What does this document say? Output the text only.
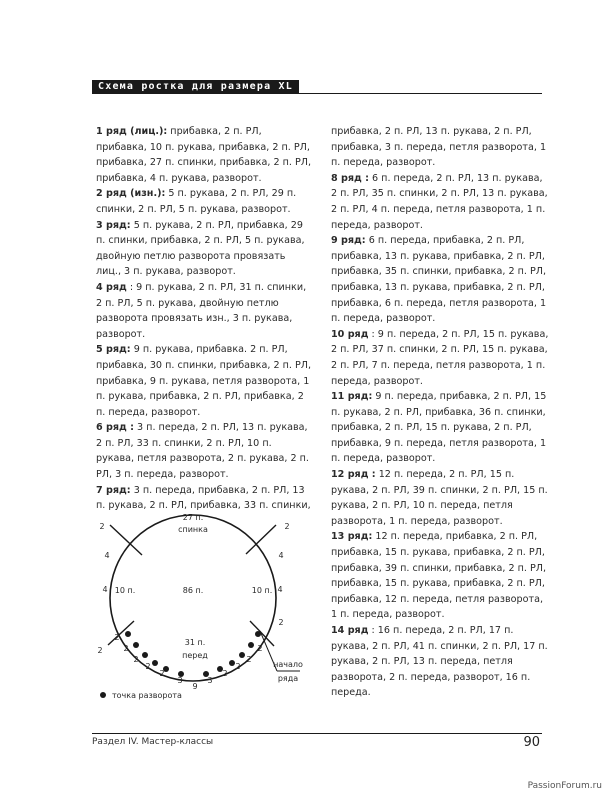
Схема ростка для размера XL
1 ряд (лиц.): прибавка, 2 п. РЛ, прибавка, 10 п. рукава, прибавка, 2 п. РЛ, прибавка, 27 п. спинки, прибавка, 2 п. РЛ, прибавка, 4 п. рукава, разворот.
2 ряд (изн.): 5 п. рукава, 2 п. РЛ, 29 п. спинки, 2 п. РЛ, 5 п. рукава, разворот.
3 ряд: 5 п. рукава, 2 п. РЛ, прибавка, 29 п. спинки, прибавка, 2 п. РЛ, 5 п. рукава, двойную петлю разворота провязать лиц., 3 п. рукава, разворот.
4 ряд : 9 п. рукава, 2 п. РЛ, 31 п. спинки, 2 п. РЛ, 5 п. рукава, двойную петлю разворота провязать изн., 3 п. рукава, разворот.
5 ряд: 9 п. рукава, прибавка. 2 п. РЛ, прибавка, 30 п. спинки, прибавка, 2 п. РЛ, прибавка, 9 п. рукава, петля разворота, 1 п. рукава, прибавка, 2 п. РЛ, прибавка, 2 п. переда, разворот.
6 ряд : 3 п. переда, 2 п. РЛ, 13 п. рукава, 2 п. РЛ, 33 п. спинки, 2 п. РЛ, 10 п. рукава, петля разворота, 2 п. рукава, 2 п. РЛ, 3 п. переда, разворот.
7 ряд: 3 п. переда, прибавка, 2 п. РЛ, 13 п. рукава, 2 п. РЛ, прибавка, 33 п. спинки,
прибавка, 2 п. РЛ, 13 п. рукава, 2 п. РЛ, прибавка, 3 п. переда, петля разворота, 1 п. переда, разворот.
8 ряд : 6 п. переда, 2 п. РЛ, 13 п. рукава, 2 п. РЛ, 35 п. спинки, 2 п. РЛ, 13 п. рукава, 2 п. РЛ, 4 п. переда, петля разворота, 1 п. переда, разворот.
9 ряд: 6 п. переда, прибавка, 2 п. РЛ, прибавка, 13 п. рукава, прибавка, 2 п. РЛ, прибавка, 35 п. спинки, прибавка, 2 п. РЛ, прибавка, 13 п. рукава, прибавка, 2 п. РЛ, прибавка, 6 п. переда, петля разворота, 1 п. переда, разворот.
10 ряд : 9 п. переда, 2 п. РЛ, 15 п. рукава, 2 п. РЛ, 37 п. спинки, 2 п. РЛ, 15 п. рукава, 2 п. РЛ, 7 п. переда, петля разворота, 1 п. переда, разворот.
11 ряд: 9 п. переда, прибавка, 2 п. РЛ, 15 п. рукава, 2 п. РЛ, прибавка, 36 п. спинки, прибавка, 2 п. РЛ, 15 п. рукава, 2 п. РЛ, прибавка, 9 п. переда, петля разворота, 1 п. переда, разворот.
12 ряд : 12 п. переда, 2 п. РЛ, 15 п. рукава, 2 п. РЛ, 39 п. спинки, 2 п. РЛ, 15 п. рукава, 2 п. РЛ, 10 п. переда, петля разворота, 1 п. переда, разворот.
13 ряд: 12 п. переда, прибавка, 2 п. РЛ, прибавка, 15 п. рукава, прибавка, 2 п. РЛ, прибавка, 39 п. спинки, прибавка, 2 п. РЛ, прибавка, 15 п. рукава, прибавка, 2 п. РЛ, прибавка, 12 п. переда, петля разворота, 1 п. переда, разворот.
14 ряд : 16 п. переда, 2 п. РЛ, 17 п. рукава, 2 п. РЛ, 41 п. спинки, 2 п. РЛ, 17 п. рукава, 2 п. РЛ, 13 п. переда, петля разворота, 2 п. переда, разворот, 16 п. переда.
27 п.
спинка
10 п.	86 п.	10 п.
31 п.
перед
2
4
4
2
2
4
4
2
2
2
2
2
2
3
9
3
2
2
2
2
начало
ряда
точка разворота
Раздел IV. Мастер-классы	90
PassionForum.ru
